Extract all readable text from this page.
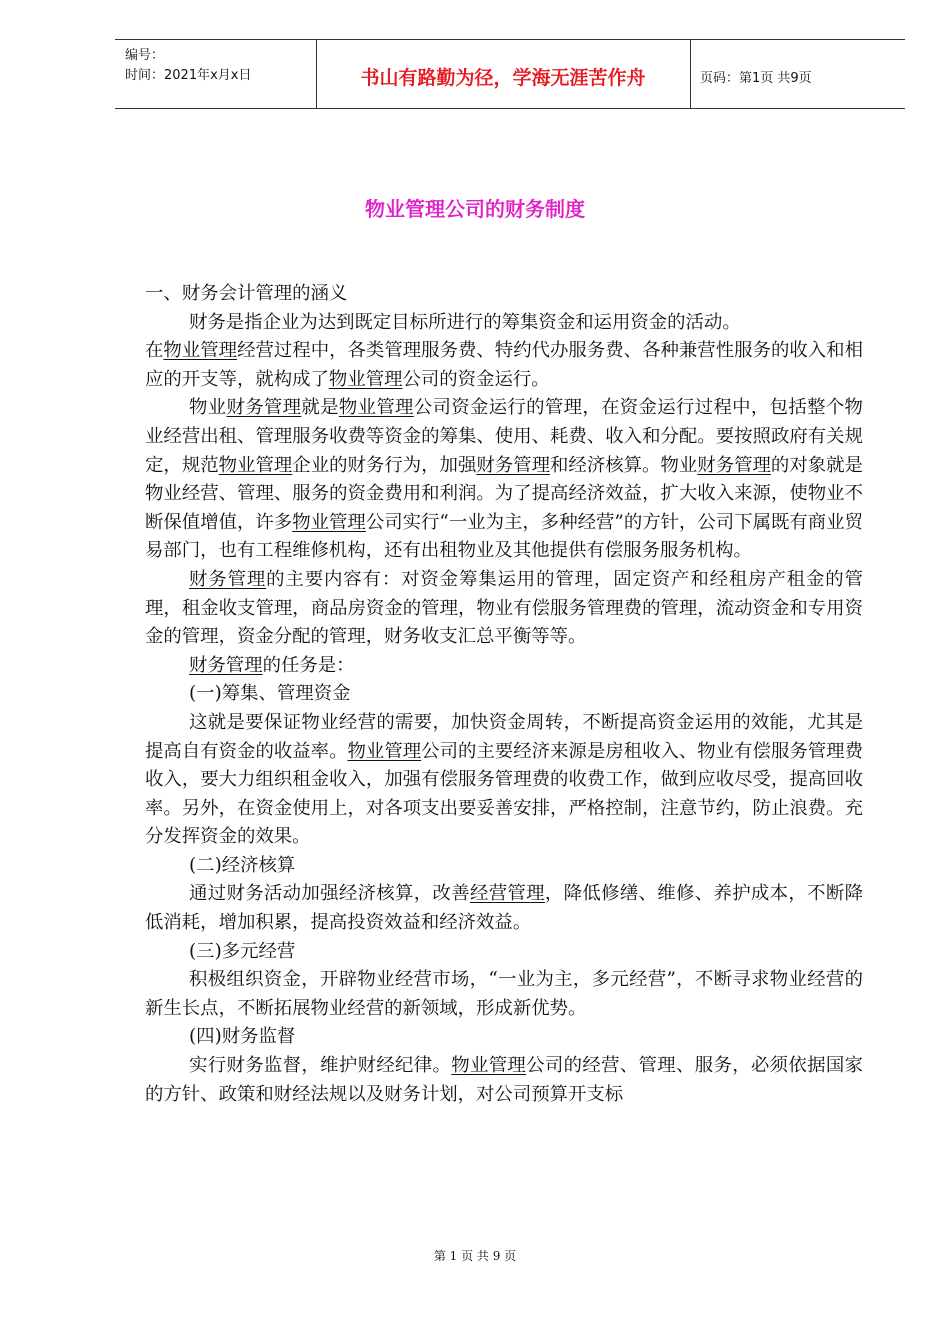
编号：
时间：2021年x月x日	书山有路勤为径，学海无涯苦作舟	页码：第1页 共9页
物业管理公司的财务制度

一、财务会计管理的涵义

财务是指企业为达到既定目标所进行的筹集资金和运用资金的活动。

在物业管理经营过程中，各类管理服务费、特约代办服务费、各种兼营性服务的收入和相应的开支等，就构成了物业管理公司的资金运行。

物业财务管理就是物业管理公司资金运行的管理，在资金运行过程中，包括整个物业经营出租、管理服务收费等资金的筹集、使用、耗费、收入和分配。要按照政府有关规定，规范物业管理企业的财务行为，加强财务管理和经济核算。物业财务管理的对象就是物业经营、管理、服务的资金费用和利润。为了提高经济效益，扩大收入来源，使物业不断保值增值，许多物业管理公司实行“一业为主，多种经营”的方针，公司下属既有商业贸易部门，也有工程维修机构，还有出租物业及其他提供有偿服务服务机构。

财务管理的主要内容有：对资金筹集运用的管理，固定资产和经租房产租金的管理，租金收支管理，商品房资金的管理，物业有偿服务管理费的管理，流动资金和专用资金的管理，资金分配的管理，财务收支汇总平衡等等。

财务管理的任务是：

(一)筹集、管理资金

这就是要保证物业经营的需要，加快资金周转，不断提高资金运用的效能，尤其是提高自有资金的收益率。物业管理公司的主要经济来源是房租收入、物业有偿服务管理费收入，要大力组织租金收入，加强有偿服务管理费的收费工作，做到应收尽受，提高回收率。另外，在资金使用上，对各项支出要妥善安排，严格控制，注意节约，防止浪费。充分发挥资金的效果。

(二)经济核算

通过财务活动加强经济核算，改善经营管理，降低修缮、维修、养护成本，不断降低消耗，增加积累，提高投资效益和经济效益。

(三)多元经营

积极组织资金，开辟物业经营市场，“一业为主，多元经营”，不断寻求物业经营的新生长点，不断拓展物业经营的新领域，形成新优势。

(四)财务监督

实行财务监督，维护财经纪律。物业管理公司的经营、管理、服务，必须依据国家的方针、政策和财经法规以及财务计划，对公司预算开支标

第 1 页 共 9 页
